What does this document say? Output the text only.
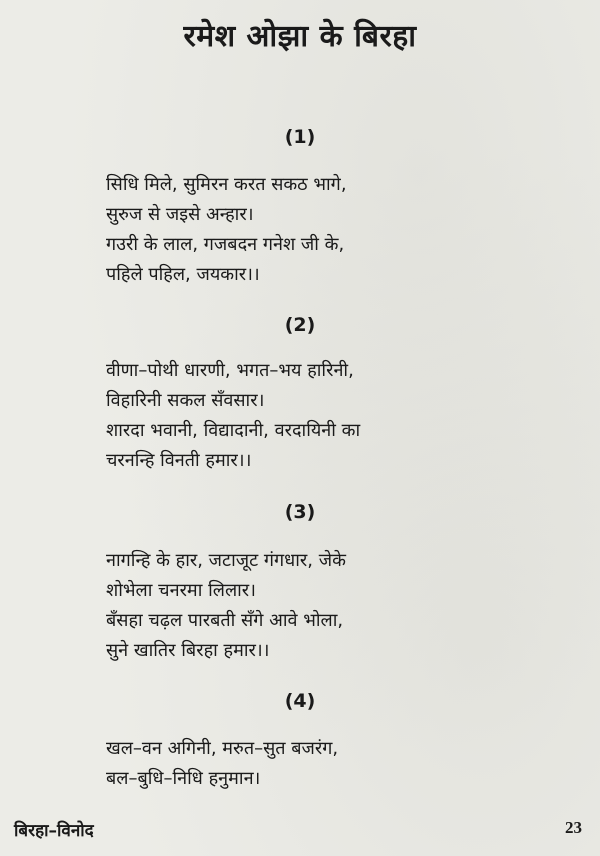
रमेश ओझा के बिरहा
(1)
सिधि मिले, सुमिरन करत सकठ भागे,
सुरुज से जइसे अन्हार।
गउरी के लाल, गजबदन गनेश जी के,
पहिले पहिल, जयकार।।
(2)
वीणा–पोथी धारणी, भगत–भय हारिनी,
विहारिनी सकल सँवसार।
शारदा भवानी, विद्यादानी, वरदायिनी का
चरनन्हि विनती हमार।।
(3)
नागन्हि के हार, जटाजूट गंगधार, जेके
शोभेला चनरमा लिलार।
बँसहा चढ़ल पारबती सँगे आवे भोला,
सुने खातिर बिरहा हमार।।
(4)
खल–वन अगिनी, मरुत–सुत बजरंग,
बल–बुधि–निधि हनुमान।
बिरहा–विनोद	23
